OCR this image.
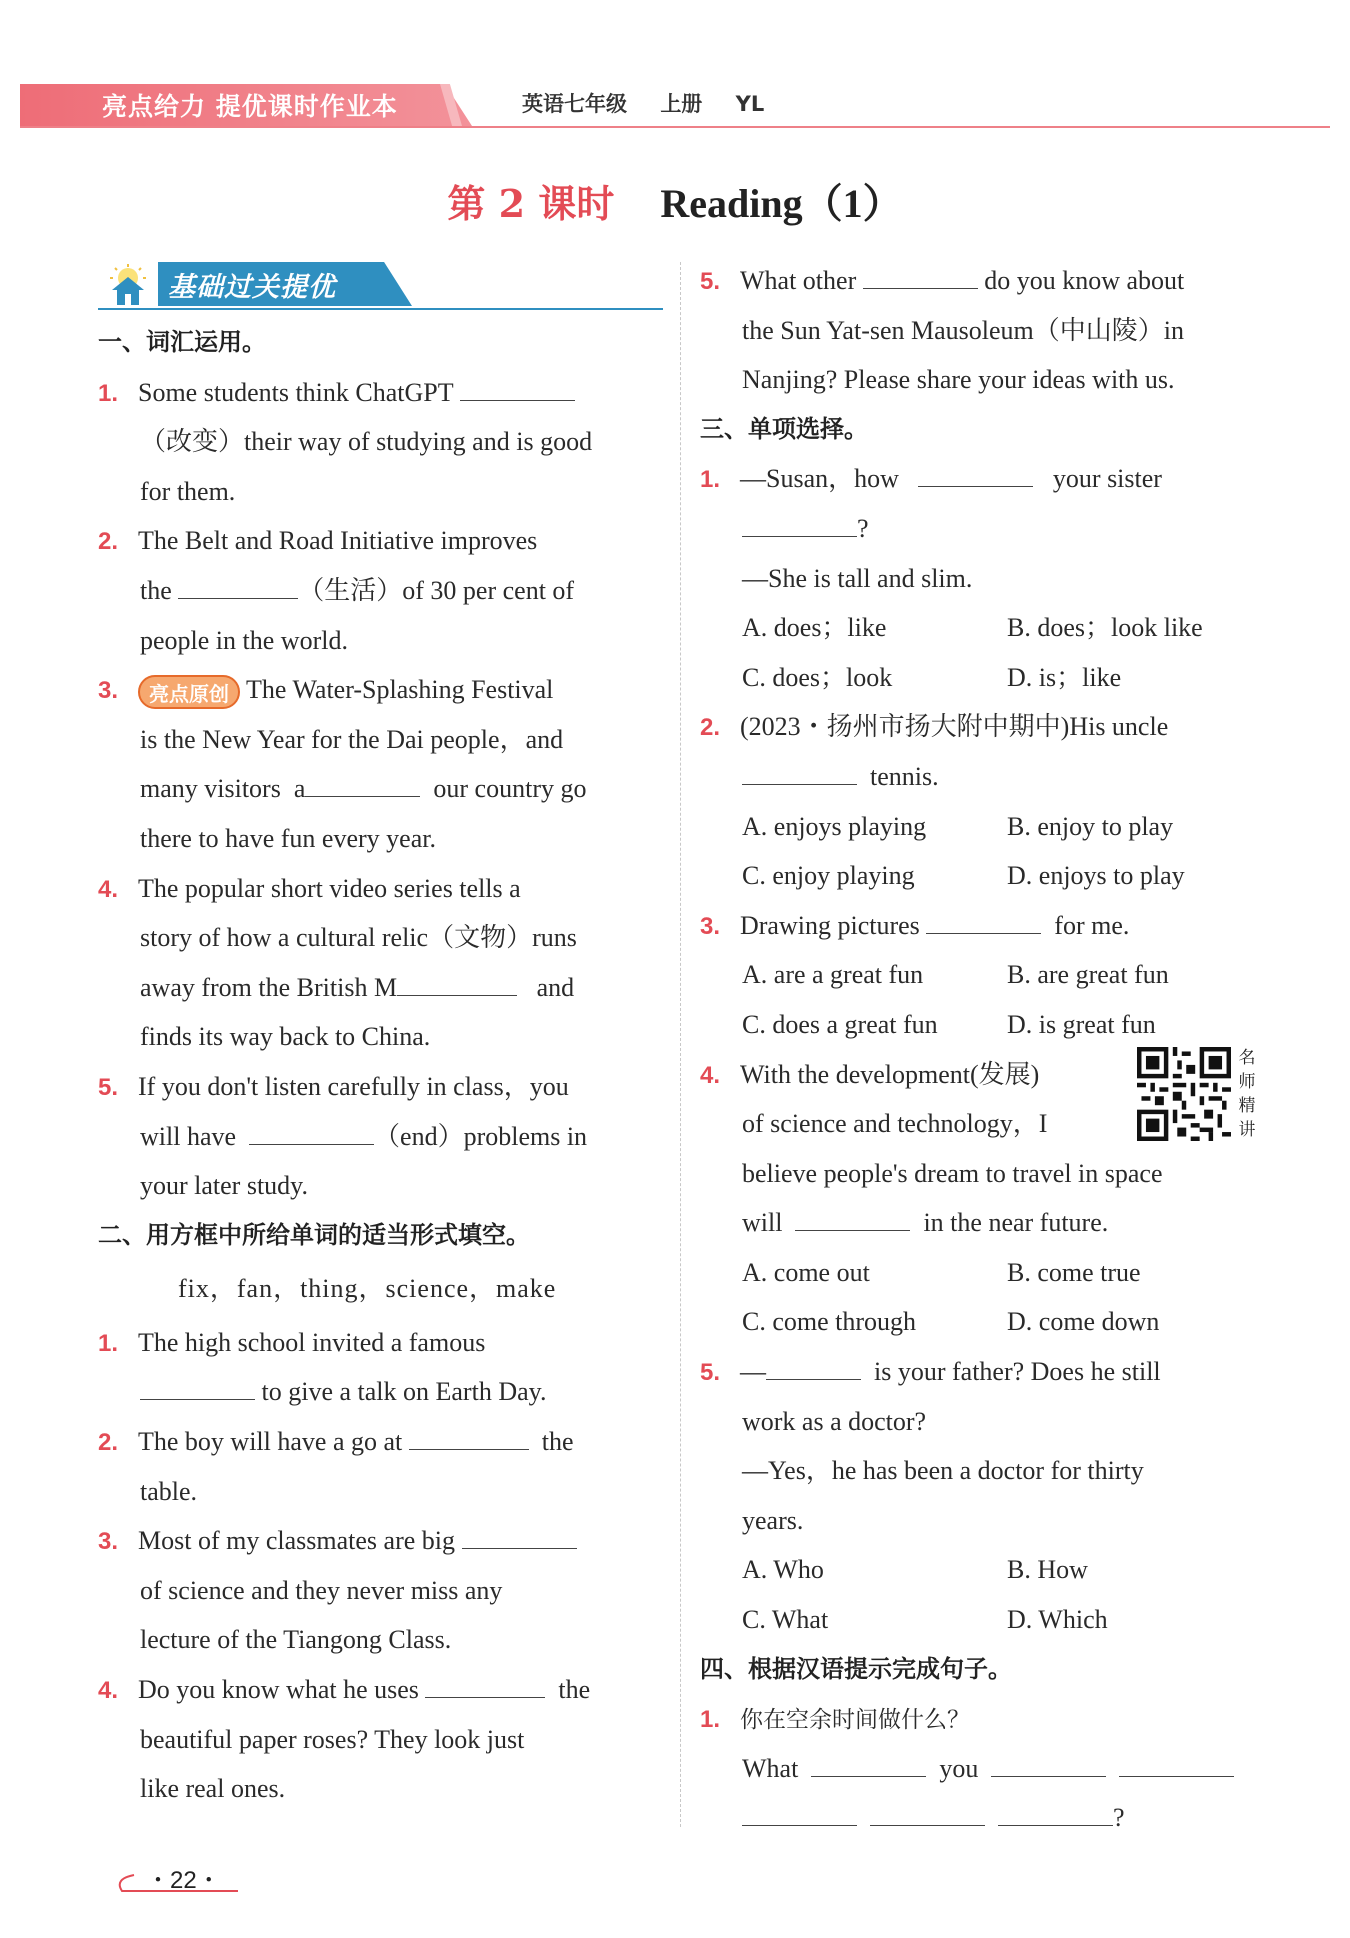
亮点给力 提优课时作业本	英语七年级 上册 YL
第 2 课时 Reading（1）
基础过关提优
一、词汇运用。
1. Some students think ChatGPT
（改变）their way of studying and is good
for them.
2. The Belt and Road Initiative improves
the	（生活）of 30 per cent of
people in the world.
3. 亮点原创 The Water-Splashing Festival
is the New Year for the Dai people，and
many visitors a	our country go
there to have fun every year.
4. The popular short video series tells a
story of how a cultural relic（文物）runs
away from the British M	and
finds its way back to China.
5. If you don't listen carefully in class，you
will have	（end）problems in
your later study.
二、用方框中所给单词的适当形式填空。
fix，fan，thing，science，make
1. The high school invited a famous
to give a talk on Earth Day.
2. The boy will have a go at	the
table.
3. Most of my classmates are big
of science and they never miss any
lecture of the Tiangong Class.
4. Do you know what he uses	the
beautiful paper roses? They look just
like real ones.
5. What other	do you know about
the Sun Yat-sen Mausoleum（中山陵）in
Nanjing? Please share your ideas with us.
三、单项选择。
1. —Susan，how	your sister
?
—She is tall and slim.
A. does；like	B. does；look like
C. does；look	D. is；like
2. (2023・扬州市扬大附中期中)His uncle
tennis.
A. enjoys playing	B. enjoy to play
C. enjoy playing	D. enjoys to play
3. Drawing pictures	for me.
A. are a great fun	B. are great fun
C. does a great fun	D. is great fun
4. With the development(发展)
of science and technology，I
believe people's dream to travel in space
will	in the near future.
A. come out	B. come true
C. come through	D. come down
5. —	is your father? Does he still
work as a doctor?
—Yes，he has been a doctor for thirty
years.
A. Who	B. How
C. What	D. Which
四、根据汉语提示完成句子。
1. 你在空余时间做什么？
What	you
?
名师精讲
・22・
